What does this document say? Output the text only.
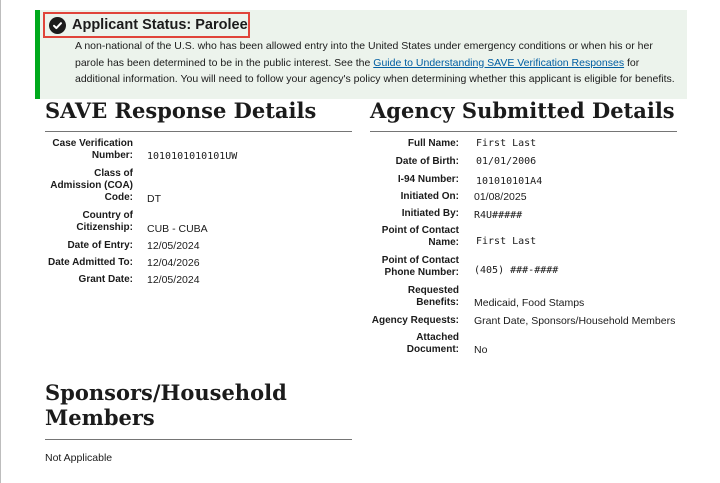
A non-national of the U.S. who has been allowed entry into the United States under emergency conditions or when his or her parole has been determined to be in the public interest. See the Guide to Understanding SAVE Verification Responses for additional information. You will need to follow your agency's policy when determining whether this applicant is eligible for benefits.
Applicant Status: Parolee
SAVE Response Details
Case Verification
Number: 1010101010101UW
Class of
Admission (COA)
Code: DT
Country of
Citizenship: CUB - CUBA
Date of Entry: 12/05/2024
Date Admitted To: 12/04/2026
Grant Date: 12/05/2024
Agency Submitted Details
Full Name: First Last
Date of Birth: 01/01/2006
I-94 Number: 101010101A4
Initiated On: 01/08/2025
Initiated By: R4U#####
Point of Contact
Name: First Last
Point of Contact
Phone Number: (405) ###-####
Requested
Benefits: Medicaid, Food Stamps
Agency Requests: Grant Date, Sponsors/Household Members
Attached
Document: No
Sponsors/Household
Members
Not Applicable
